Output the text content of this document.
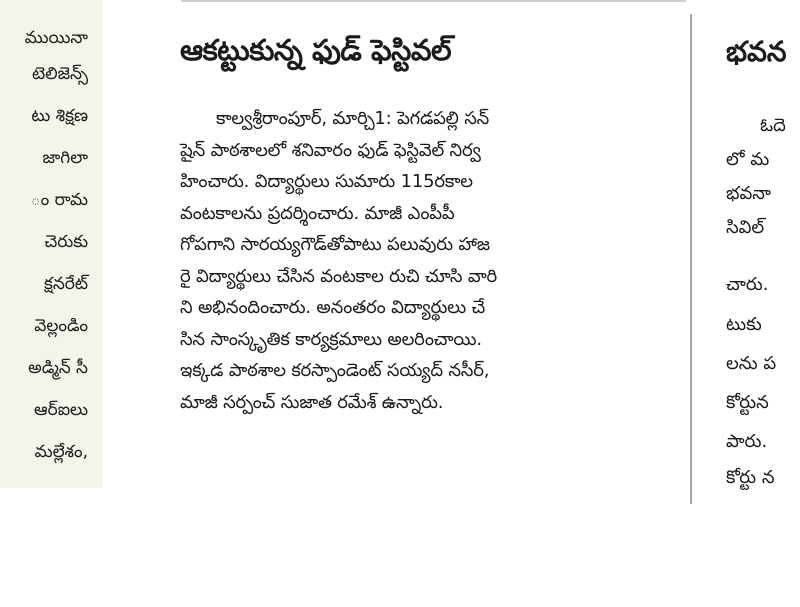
ముయినా
టెలిజెన్స్
టు శిక్షణ
జాగిలా
ం రామ
చెరుకు
క్షనరేట్
వెల్లండిం
అడ్మిన్ సీ
ఆర్ఐలు
మల్లేశం,
ఆకట్టుకున్న ఫుడ్ ఫెస్టివల్
కాల్వశ్రీరాంపూర్, మార్చి1: పెగడపల్లి సన్
షైన్ పాఠశాలలో శనివారం ఫుడ్ ఫెస్టివెల్ నిర్వ
హించారు. విద్యార్థులు సుమారు 115రకాల
వంటకాలను ప్రదర్శించారు. మాజీ ఎంపీపీ
గోపగాని సారయ్యగౌడ్‌తోపాటు పలువురు హాజ
రై విద్యార్థులు చేసిన వంటకాల రుచి చూసి వారి
ని అభినందించారు. అనంతరం విద్యార్థులు చే
సిన సాంస్కృతిక కార్యక్రమాలు అలరించాయి.
ఇక్కడ పాఠశాల కరస్పాండెంట్ సయ్యద్ నసీర్,
మాజీ సర్పంచ్ సుజాత రమేశ్ ఉన్నారు.
భవన
ఓదె
లో మ
భవనా
సివిల్
చారు.
టుకు
లను ప
కోర్టున
పారు.
కోర్టు న
